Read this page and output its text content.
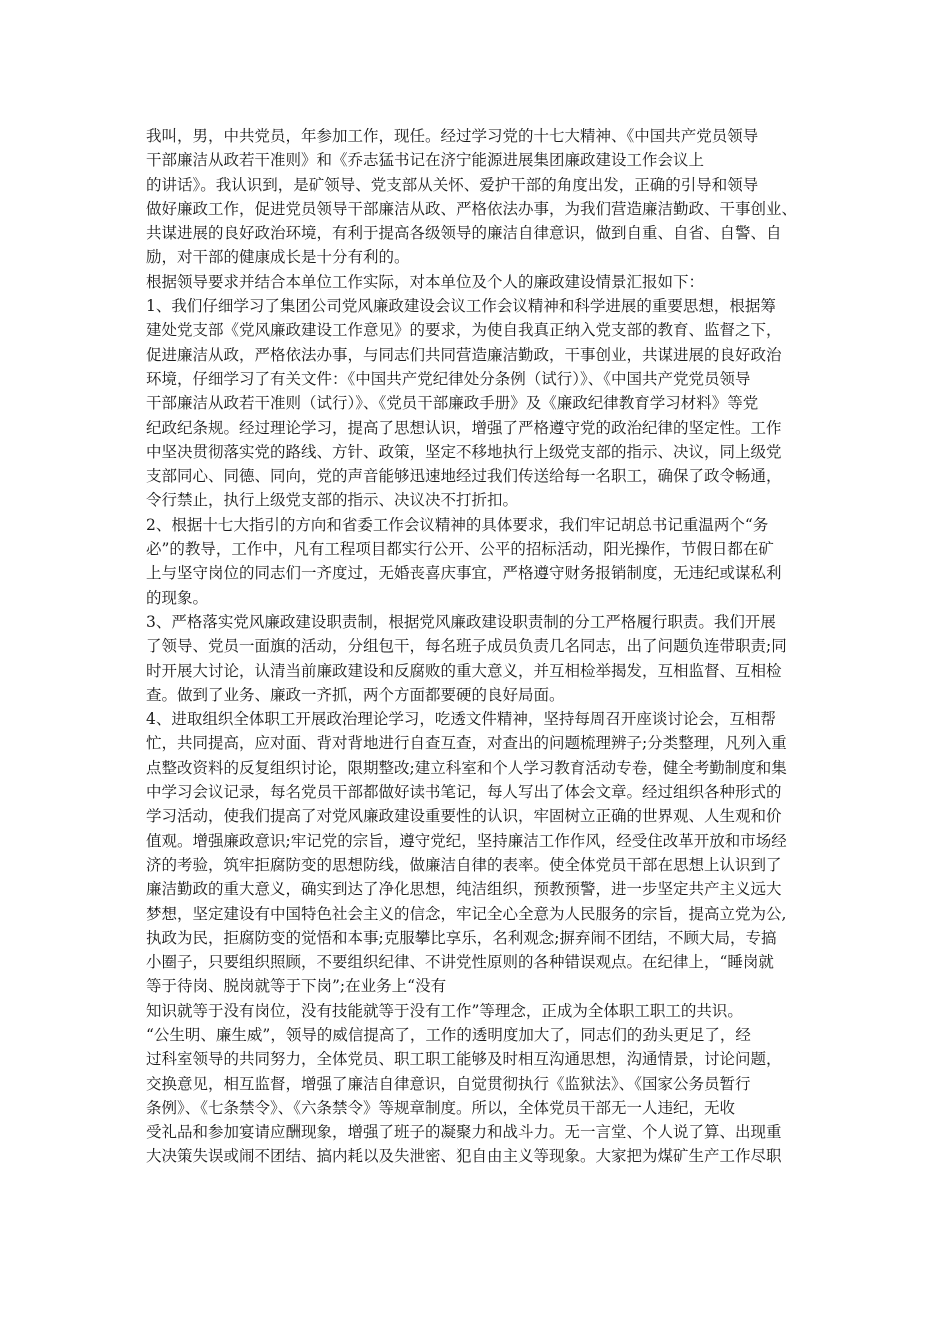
我叫，男，中共党员，年参加工作，现任。经过学习党的十七大精神、《中国共产党员领导
干部廉洁从政若干准则》和《乔志猛书记在济宁能源进展集团廉政建设工作会议上
的讲话》。我认识到，是矿领导、党支部从关怀、爱护干部的角度出发，正确的引导和领导
做好廉政工作，促进党员领导干部廉洁从政、严格依法办事，为我们营造廉洁勤政、干事创业、
共谋进展的良好政治环境，有利于提高各级领导的廉洁自律意识，做到自重、自省、自警、自
励，对干部的健康成长是十分有利的。
根据领导要求并结合本单位工作实际，对本单位及个人的廉政建设情景汇报如下：
1、我们仔细学习了集团公司党风廉政建设会议工作会议精神和科学进展的重要思想，根据筹
建处党支部《党风廉政建设工作意见》的要求，为使自我真正纳入党支部的教育、监督之下，
促进廉洁从政，严格依法办事，与同志们共同营造廉洁勤政，干事创业，共谋进展的良好政治
环境，仔细学习了有关文件：《中国共产党纪律处分条例（试行）》、《中国共产党党员领导
干部廉洁从政若干准则（试行）》、《党员干部廉政手册》及《廉政纪律教育学习材料》等党
纪政纪条规。经过理论学习，提高了思想认识，增强了严格遵守党的政治纪律的坚定性。工作
中坚决贯彻落实党的路线、方针、政策，坚定不移地执行上级党支部的指示、决议，同上级党
支部同心、同德、同向，党的声音能够迅速地经过我们传送给每一名职工，确保了政令畅通，
令行禁止，执行上级党支部的指示、决议决不打折扣。
2、根据十七大指引的方向和省委工作会议精神的具体要求，我们牢记胡总书记重温两个“务
必”的教导，工作中，凡有工程项目都实行公开、公平的招标活动，阳光操作，节假日都在矿
上与坚守岗位的同志们一齐度过，无婚丧喜庆事宜，严格遵守财务报销制度，无违纪或谋私利
的现象。
3、严格落实党风廉政建设职责制，根据党风廉政建设职责制的分工严格履行职责。我们开展
了领导、党员一面旗的活动，分组包干，每名班子成员负责几名同志，出了问题负连带职责;同
时开展大讨论，认清当前廉政建设和反腐败的重大意义，并互相检举揭发，互相监督、互相检
查。做到了业务、廉政一齐抓，两个方面都要硬的良好局面。
4、进取组织全体职工开展政治理论学习，吃透文件精神，坚持每周召开座谈讨论会，互相帮
忙，共同提高，应对面、背对背地进行自查互查，对查出的问题梳理辨子;分类整理，凡列入重
点整改资料的反复组织讨论，限期整改;建立科室和个人学习教育活动专卷，健全考勤制度和集
中学习会议记录，每名党员干部都做好读书笔记，每人写出了体会文章。经过组织各种形式的
学习活动，使我们提高了对党风廉政建设重要性的认识，牢固树立正确的世界观、人生观和价
值观。增强廉政意识;牢记党的宗旨，遵守党纪，坚持廉洁工作作风，经受住改革开放和市场经
济的考验，筑牢拒腐防变的思想防线，做廉洁自律的表率。使全体党员干部在思想上认识到了
廉洁勤政的重大意义，确实到达了净化思想，纯洁组织，预教预警，进一步坚定共产主义远大
梦想，坚定建设有中国特色社会主义的信念，牢记全心全意为人民服务的宗旨，提高立党为公,
执政为民，拒腐防变的觉悟和本事;克服攀比享乐，名利观念;摒弃闹不团结，不顾大局，专搞
小圈子，只要组织照顾，不要组织纪律、不讲党性原则的各种错误观点。在纪律上，“睡岗就
等于待岗、脱岗就等于下岗”;在业务上“没有
知识就等于没有岗位，没有技能就等于没有工作”等理念，正成为全体职工职工的共识。
“公生明、廉生威”，领导的威信提高了，工作的透明度加大了，同志们的劲头更足了，经
过科室领导的共同努力，全体党员、职工职工能够及时相互沟通思想，沟通情景，讨论问题，
交换意见，相互监督，增强了廉洁自律意识，自觉贯彻执行《监狱法》、《国家公务员暂行
条例》、《七条禁令》、《六条禁令》等规章制度。所以，全体党员干部无一人违纪，无收
受礼品和参加宴请应酬现象，增强了班子的凝聚力和战斗力。无一言堂、个人说了算、出现重
大决策失误或闹不团结、搞内耗以及失泄密、犯自由主义等现象。大家把为煤矿生产工作尽职
